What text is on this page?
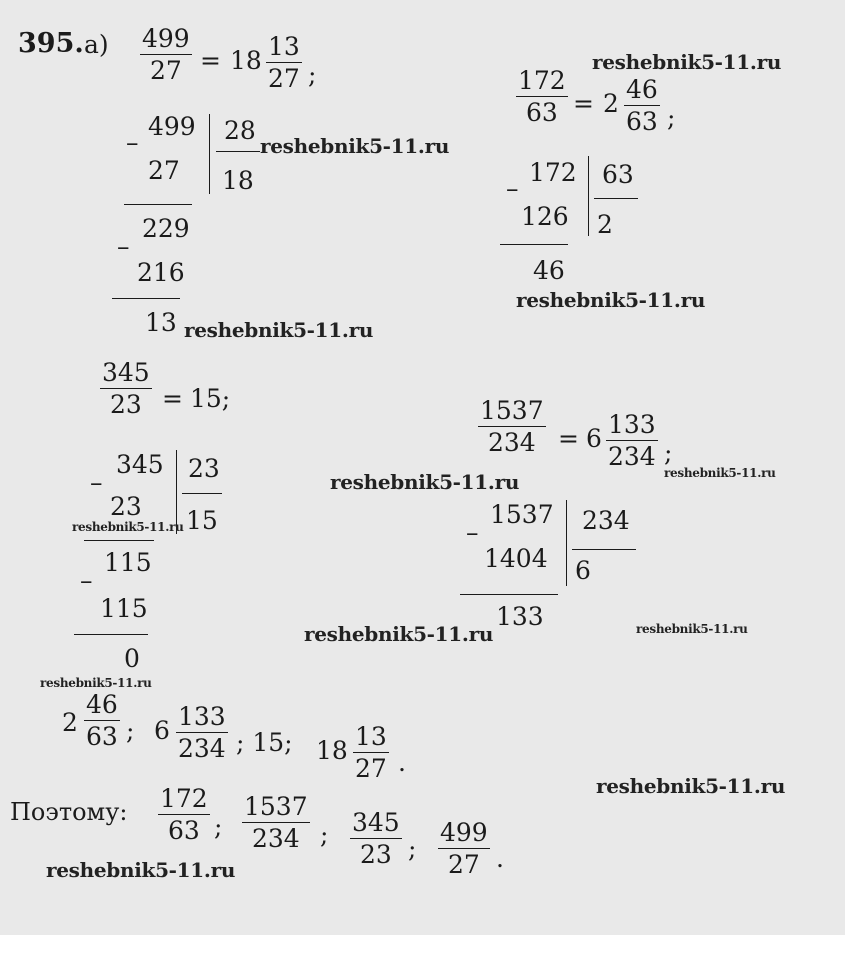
395. $а) \frac{499}{27} = 18 \frac{13}{27}$ ;
–
499 28
27 18
–
229
216
13
$\frac{172}{63} = 2 \frac{46}{63}$ ;
–
172 63
126 2
46
$\frac{345}{23} = 15$;
–
345 23
23 15
–
115
115
0
$\frac{1537}{234} = 6 \frac{133}{234}$ ;
–
1537 234
1404 6
133
$2 \frac{46}{63}$ ; $6 \frac{133}{234}$ ; 15; $18 \frac{13}{27}$ .
Поэтому: $\frac{172}{63}$ ; $\frac{1537}{234}$ ; $\frac{345}{23}$ ; $\frac{499}{27}$ .
reshebnik5-11.ru
reshebnik5-11.ru
reshebnik5-11.ru
reshebnik5-11.ru
reshebnik5-11.ru
reshebnik5-11.ru
reshebnik5-11.ru
reshebnik5-11.ru	reshebnik5-11.ru
reshebnik5-11.ru
reshebnik5-11.ru
reshebnik5-11.ru
